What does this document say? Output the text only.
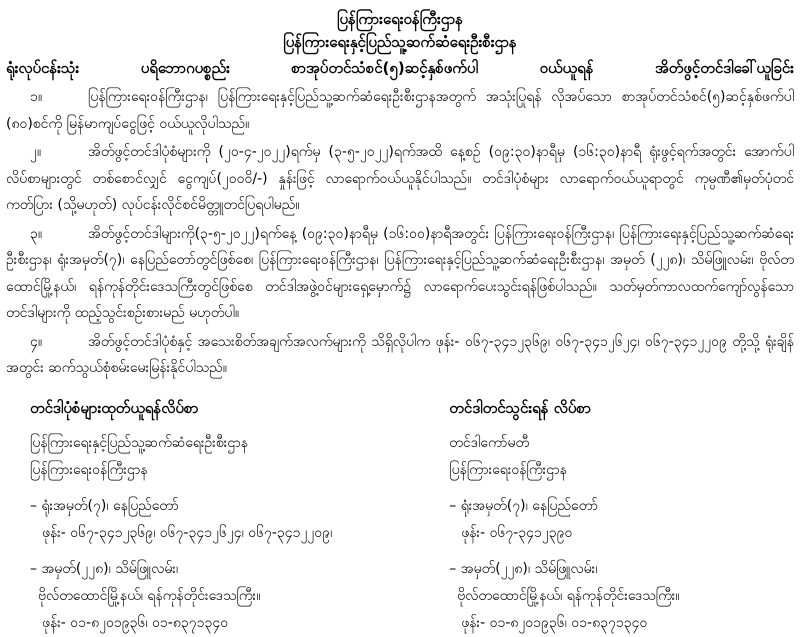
ပြန်ကြားရေးဝန်ကြီးဌာန
ပြန်ကြားရေးနှင့်ပြည်သူ့ဆက်ဆံရေးဦးစီးဌာန
ရုံးလုပ်ငန်းသုံး ပရိဘောဂပစ္စည်း စာအုပ်တင်သံစင်(၅)ဆင့်နှစ်ဖက်ပါ ဝယ်ယူရန် အိတ်ဖွင့်တင်ဒါခေါ်ယူခြင်း
၁။	ပြန်ကြားရေးဝန်ကြီးဌာန၊ ပြန်ကြားရေးနှင့်ပြည်သူ့ဆက်ဆံရေးဦးစီးဌာနအတွက် အသုံးပြုရန် လိုအပ်သော စာအုပ်တင်သံစင်(၅)ဆင့်နှစ်ဖက်ပါ (၈၀)စင်ကို မြန်မာကျပ်ငွေဖြင့် ဝယ်ယူလိုပါသည်။
၂။	အိတ်ဖွင့်တင်ဒါပုံစံများကို (၂၀-၄-၂၀၂၂)ရက်မှ (၃-၅-၂၀၂၂)ရက်အထိ နေ့စဉ် (၀၉:၃၀)နာရီမှ (၁၆:၃၀)နာရီ ရုံးဖွင့်ရက်အတွင်း အောက်ပါလိပ်စာများတွင် တစ်စောင်လျှင် ငွေကျပ်(၂၀၀၀ိ/-) နှုန်းဖြင့် လာရောက်ဝယ်ယူနိုင်ပါသည်။ တင်ဒါပုံစံများ လာရောက်ဝယ်ယူရာတွင် ကုမ္ပဏီ၏မှတ်ပုံတင်ကတ်ပြား (သို့မဟုတ်) လုပ်ငန်းလိုင်စင်မိတ္တူတင်ပြရပါမည်။
၃။	အိတ်ဖွင့်တင်ဒါများကို(၃-၅-၂၀၂၂)ရက်နေ့ (၀၉:၃၀)နာရီမှ (၁၆:၀၀)နာရီအတွင်း ပြန်ကြားရေးဝန်ကြီးဌာန၊ ပြန်ကြားရေးနှင့်ပြည်သူ့ဆက်ဆံရေးဦးစီးဌာန၊ ရုံးအမှတ်(၇)၊ နေပြည်တော်တွင်ဖြစ်စေ၊ ပြန်ကြားရေးဝန်ကြီးဌာန၊ ပြန်ကြားရေးနှင့်ပြည်သူ့ဆက်ဆံရေးဦးစီးဌာန၊ အမှတ် (၂၂၈)၊ သိမ်ဖြူလမ်း၊ ဗိုလ်တထောင်မြို့နယ်၊ ရန်ကုန်တိုင်းဒေသကြီးတွင်ဖြစ်စေ တင်ဒါအဖွဲ့ဝင်များရှေ့မှောက်၌ လာရောက်ပေးသွင်းရန်ဖြစ်ပါသည်။ သတ်မှတ်ကာလထက်ကျော်လွန်သော တင်ဒါများကို ထည့်သွင်းစဉ်းစားမည် မဟုတ်ပါ။
၄။	အိတ်ဖွင့်တင်ဒါပုံစံနှင့် အသေးစိတ်အချက်အလက်များကို သိရှိလိုပါက ဖုန်း- ၀၆၇-၃၄၁၂၃၆၉၊ ၀၆၇-၃၄၁၂၆၂၄၊ ၀၆၇-၃၄၁၂၂၀၉ တို့သို့ ရုံးချိန်အတွင်း ဆက်သွယ်စုံစမ်းမေးမြန်းနိုင်ပါသည်။
တင်ဒါပုံစံများထုတ်ယူရန်လိပ်စာ
ပြန်ကြားရေးနှင့်ပြည်သူ့ဆက်ဆံရေးဦးစီးဌာန
ပြန်ကြားရေးဝန်ကြီးဌာန
– ရုံးအမှတ်(၇)၊ နေပြည်တော်
ဖုန်း- ၀၆၇-၃၄၁၂၃၆၉၊ ၀၆၇-၃၄၁၂၆၂၄၊ ၀၆၇-၃၄၁၂၂၀၉၊
– အမှတ်(၂၂၈)၊ သိမ်ဖြူလမ်း၊
ဗိုလ်တထောင်မြို့နယ်၊ ရန်ကုန်တိုင်းဒေသကြီး။
ဖုန်း- ၀၁-၈၂၀၁၉၃၆၊ ၀၁-၈၃၇၁၃၄၀
တင်ဒါတင်သွင်းရန် လိပ်စာ
တင်ဒါကော်မတီ
ပြန်ကြားရေးဝန်ကြီးဌာန
– ရုံးအမှတ်(၇)၊ နေပြည်တော်
ဖုန်း- ၀၆၇-၃၄၁၂၃၉၀
– အမှတ်(၂၂၈)၊ သိမ်ဖြူလမ်း၊
ဗိုလ်တထောင်မြို့နယ်၊ ရန်ကုန်တိုင်းဒေသကြီး။
ဖုန်း- ၀၁-၈၂၀၁၉၃၆၊ ၀၁-၈၃၇၁၃၄၀
